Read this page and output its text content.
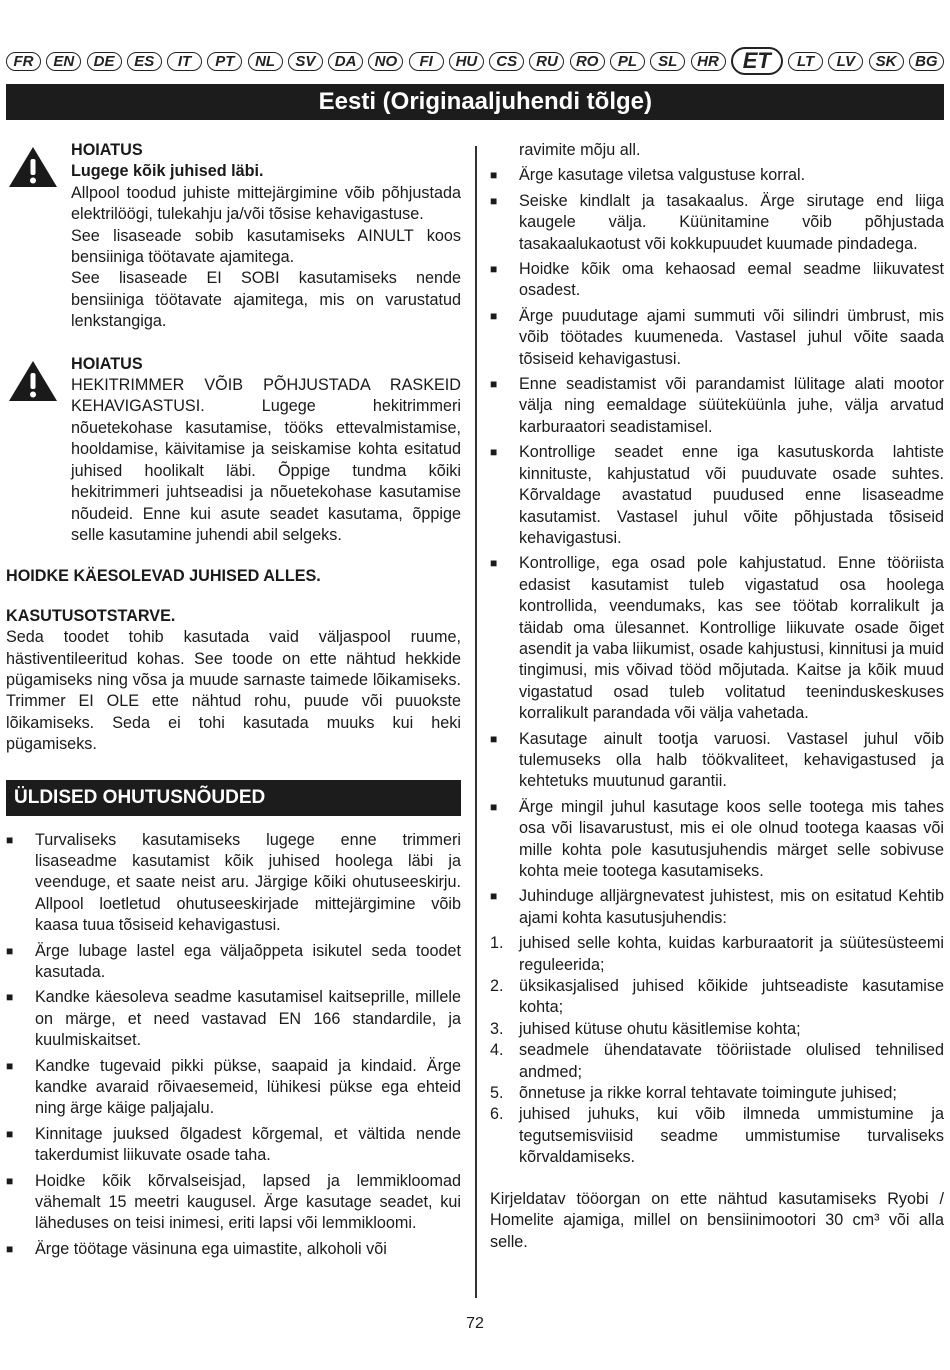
FR	EN	DE	ES	IT	PT	NL	SV	DA	NO	FI	HU	CS	RU	RO	PL	SL	HR	ET	LT	LV	SK	BG
Eesti (Originaaljuhendi tõlge)
HOIATUS
Lugege kõik juhised läbi.

Allpool toodud juhiste mittejärgimine võib põhjustada elektrilöögi, tulekahju ja/või tõsise kehavigastuse.

See lisaseade sobib kasutamiseks AINULT koos bensiiniga töötavate ajamitega.

See lisaseade EI SOBI kasutamiseks nende bensiiniga töötavate ajamitega, mis on varustatud lenkstangiga.

HOIATUS

HEKITRIMMER VÕIB PÕHJUSTADA RASKEID KEHAVIGASTUSI. Lugege hekitrimmeri nõuetekohase kasutamise, tööks ettevalmistamise, hooldamise, käivitamise ja seiskamise kohta esitatud juhised hoolikalt läbi. Õppige tundma kõiki hekitrimmeri juhtseadisi ja nõuetekohase kasutamise nõudeid. Enne kui asute seadet kasutama, õppige selle kasutamine juhendi abil selgeks.

HOIDKE KÄESOLEVAD JUHISED ALLES.
KASUTUSOTSTARVE.

Seda toodet tohib kasutada vaid väljaspool ruume, hästiventileeritud kohas. See toode on ette nähtud hekkide pügamiseks ning võsa ja muude sarnaste taimede lõikamiseks. Trimmer EI OLE ette nähtud rohu, puude või puuokste lõikamiseks. Seda ei tohi kasutada muuks kui heki pügamiseks.

ÜLDISED OHUTUSNÕUDED
■ Turvaliseks kasutamiseks lugege enne trimmeri lisaseadme kasutamist kõik juhised hoolega läbi ja veenduge, et saate neist aru. Järgige kõiki ohutuseeskirju. Allpool loetletud ohutuseeskirjade mittejärgimine võib kaasa tuua tõsiseid kehavigastusi.
■ Ärge lubage lastel ega väljaõppeta isikutel seda toodet kasutada.
■ Kandke käesoleva seadme kasutamisel kaitseprille, millele on märge, et need vastavad EN 166 standardile, ja kuulmiskaitset.
■ Kandke tugevaid pikki pükse, saapaid ja kindaid. Ärge kandke avaraid rõivaesemeid, lühikesi pükse ega ehteid ning ärge käige paljajalu.
■ Kinnitage juuksed õlgadest kõrgemal, et vältida nende takerdumist liikuvate osade taha.
■ Hoidke kõik kõrvalseisjad, lapsed ja lemmikloomad vähemalt 15 meetri kaugusel. Ärge kasutage seadet, kui läheduses on teisi inimesi, eriti lapsi või lemmikloomi.
■ Ärge töötage väsinuna ega uimastite, alkoholi või
ravimite mõju all.
■ Ärge kasutage viletsa valgustuse korral.
■ Seiske kindlalt ja tasakaalus. Ärge sirutage end liiga kaugele välja. Küünitamine võib põhjustada tasakaalukaotust või kokkupuudet kuumade pindadega.
■ Hoidke kõik oma kehaosad eemal seadme liikuvatest osadest.
■ Ärge puudutage ajami summuti või silindri ümbrust, mis võib töötades kuumeneda. Vastasel juhul võite saada tõsiseid kehavigastusi.
■ Enne seadistamist või parandamist lülitage alati mootor välja ning eemaldage süüteküünla juhe, välja arvatud karburaatori seadistamisel.
■ Kontrollige seadet enne iga kasutuskorda lahtiste kinnituste, kahjustatud või puuduvate osade suhtes. Kõrvaldage avastatud puudused enne lisaseadme kasutamist. Vastasel juhul võite põhjustada tõsiseid kehavigastusi.
■ Kontrollige, ega osad pole kahjustatud. Enne tööriista edasist kasutamist tuleb vigastatud osa hoolega kontrollida, veendumaks, kas see töötab korralikult ja täidab oma ülesannet. Kontrollige liikuvate osade õiget asendit ja vaba liikumist, osade kahjustusi, kinnitusi ja muid tingimusi, mis võivad tööd mõjutada. Kaitse ja kõik muud vigastatud osad tuleb volitatud teeninduskeskuses korralikult parandada või välja vahetada.
■ Kasutage ainult tootja varuosi. Vastasel juhul võib tulemuseks olla halb töökvaliteet, kehavigastused ja kehtetuks muutunud garantii.
■ Ärge mingil juhul kasutage koos selle tootega mis tahes osa või lisavarustust, mis ei ole olnud tootega kaasas või mille kohta pole kasutusjuhendis märget selle sobivuse kohta meie tootega kasutamiseks.
■ Juhinduge alljärgnevatest juhistest, mis on esitatud Kehtib ajami kohta kasutusjuhendis:
1. juhised selle kohta, kuidas karburaatorit ja süütesüsteemi reguleerida;
2. üksikasjalised juhised kõikide juhtseadiste kasutamise kohta;
3. juhised kütuse ohutu käsitlemise kohta;
4. seadmele ühendatavate tööriistade olulised tehnilised andmed;
5. õnnetuse ja rikke korral tehtavate toimingute juhised;
6. juhised juhuks, kui võib ilmneda ummistumine ja tegutsemisviisid seadme ummistumise turvaliseks kõrvaldamiseks.

Kirjeldatav tööorgan on ette nähtud kasutamiseks Ryobi / Homelite ajamiga, millel on bensiinimootori 30 cm³ või alla selle.

72
